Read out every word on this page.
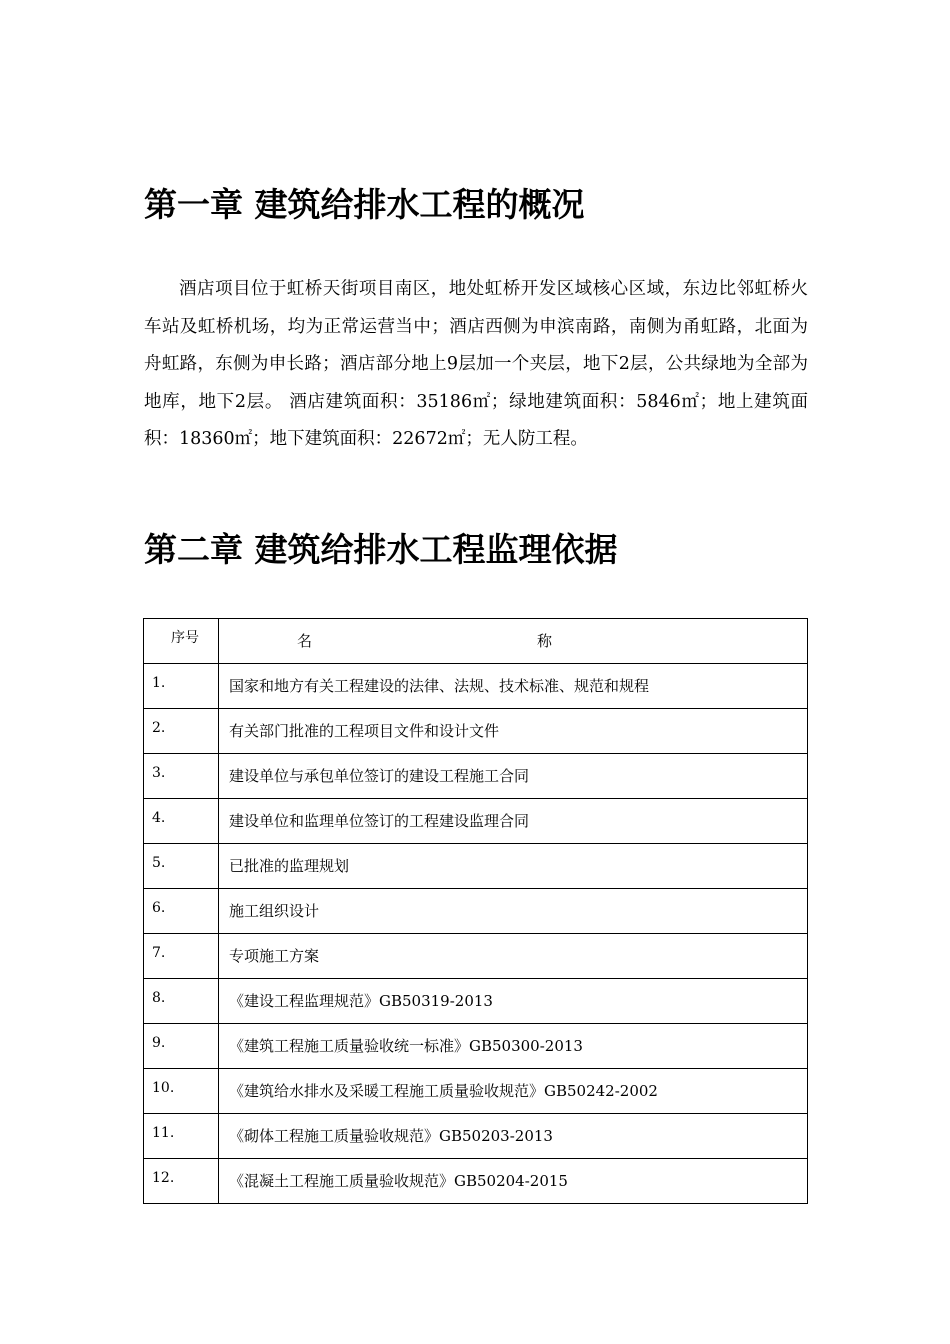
第一章 建筑给排水工程的概况

酒店项目位于虹桥天街项目南区，地处虹桥开发区域核心区域，东边比邻虹桥火车站及虹桥机场，均为正常运营当中；酒店西侧为申滨南路，南侧为甬虹路，北面为舟虹路，东侧为申长路；酒店部分地上9层加一个夹层，地下2层，公共绿地为全部为地库，地下2层。 酒店建筑面积：35186㎡；绿地建筑面积：5846㎡；地上建筑面积：18360㎡；地下建筑面积：22672㎡；无人防工程。

第二章 建筑给排水工程监理依据
序号	名 称

1.	国家和地方有关工程建设的法律、法规、技术标准、规范和规程

2.	有关部门批准的工程项目文件和设计文件

3.	建设单位与承包单位签订的建设工程施工合同

4.	建设单位和监理单位签订的工程建设监理合同

5.	已批准的监理规划

6.	施工组织设计

7.	专项施工方案

8.	《建设工程监理规范》GB50319-2013

9.	《建筑工程施工质量验收统一标准》GB50300-2013

10.	《建筑给水排水及采暖工程施工质量验收规范》GB50242-2002

11.	《砌体工程施工质量验收规范》GB50203-2013

12.	《混凝土工程施工质量验收规范》GB50204-2015
